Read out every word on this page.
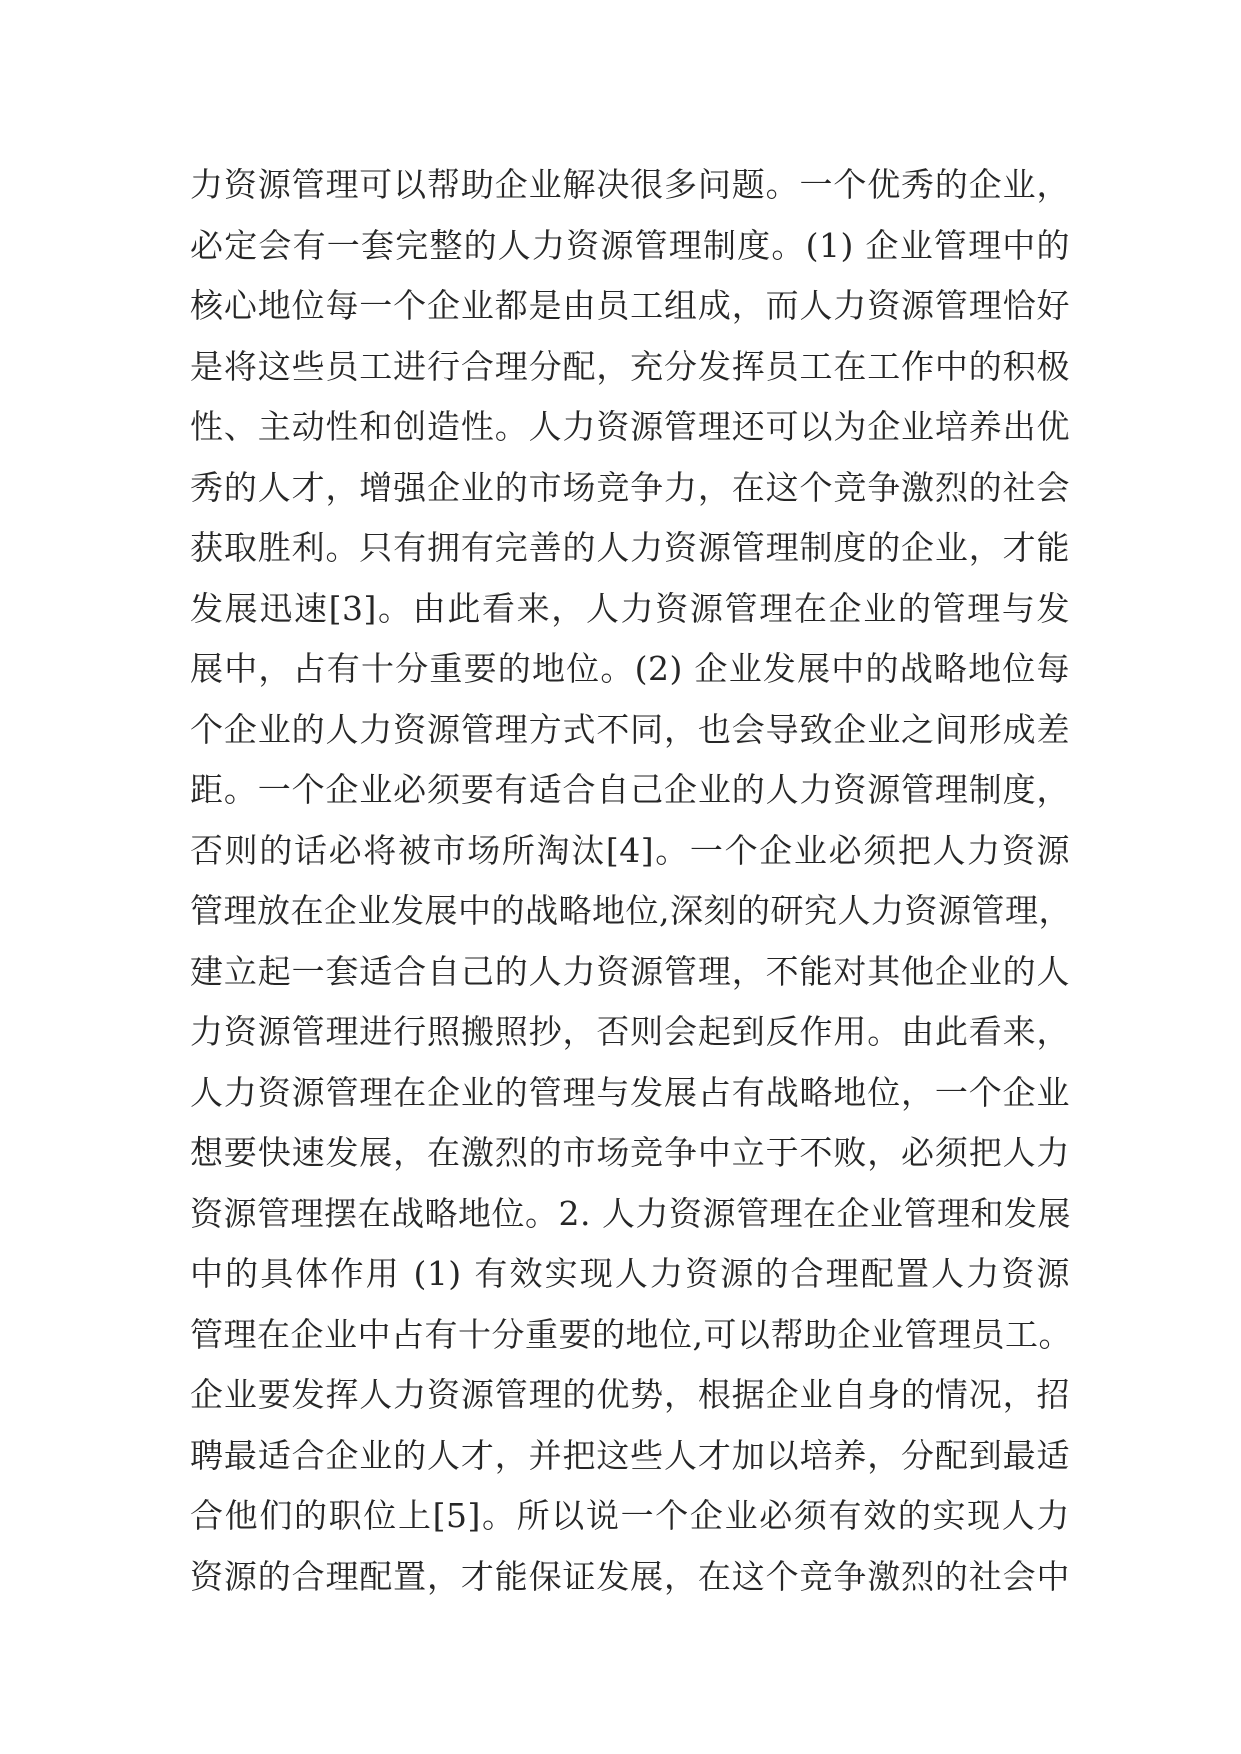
力资源管理可以帮助企业解决很多问题。一个优秀的企业，
必定会有一套完整的人力资源管理制度。(1) 企业管理中的
核心地位每一个企业都是由员工组成，而人力资源管理恰好
是将这些员工进行合理分配，充分发挥员工在工作中的积极
性、主动性和创造性。人力资源管理还可以为企业培养出优
秀的人才，增强企业的市场竞争力，在这个竞争激烈的社会
获取胜利。只有拥有完善的人力资源管理制度的企业，才能
发展迅速[3]。由此看来，人力资源管理在企业的管理与发
展中，占有十分重要的地位。(2) 企业发展中的战略地位每
个企业的人力资源管理方式不同，也会导致企业之间形成差
距。一个企业必须要有适合自己企业的人力资源管理制度，
否则的话必将被市场所淘汰[4]。一个企业必须把人力资源
管理放在企业发展中的战略地位,深刻的研究人力资源管理，
建立起一套适合自己的人力资源管理，不能对其他企业的人
力资源管理进行照搬照抄，否则会起到反作用。由此看来，
人力资源管理在企业的管理与发展占有战略地位，一个企业
想要快速发展，在激烈的市场竞争中立于不败，必须把人力
资源管理摆在战略地位。2. 人力资源管理在企业管理和发展
中的具体作用 (1) 有效实现人力资源的合理配置人力资源
管理在企业中占有十分重要的地位,可以帮助企业管理员工。
企业要发挥人力资源管理的优势，根据企业自身的情况，招
聘最适合企业的人才，并把这些人才加以培养，分配到最适
合他们的职位上[5]。所以说一个企业必须有效的实现人力
资源的合理配置，才能保证发展，在这个竞争激烈的社会中
